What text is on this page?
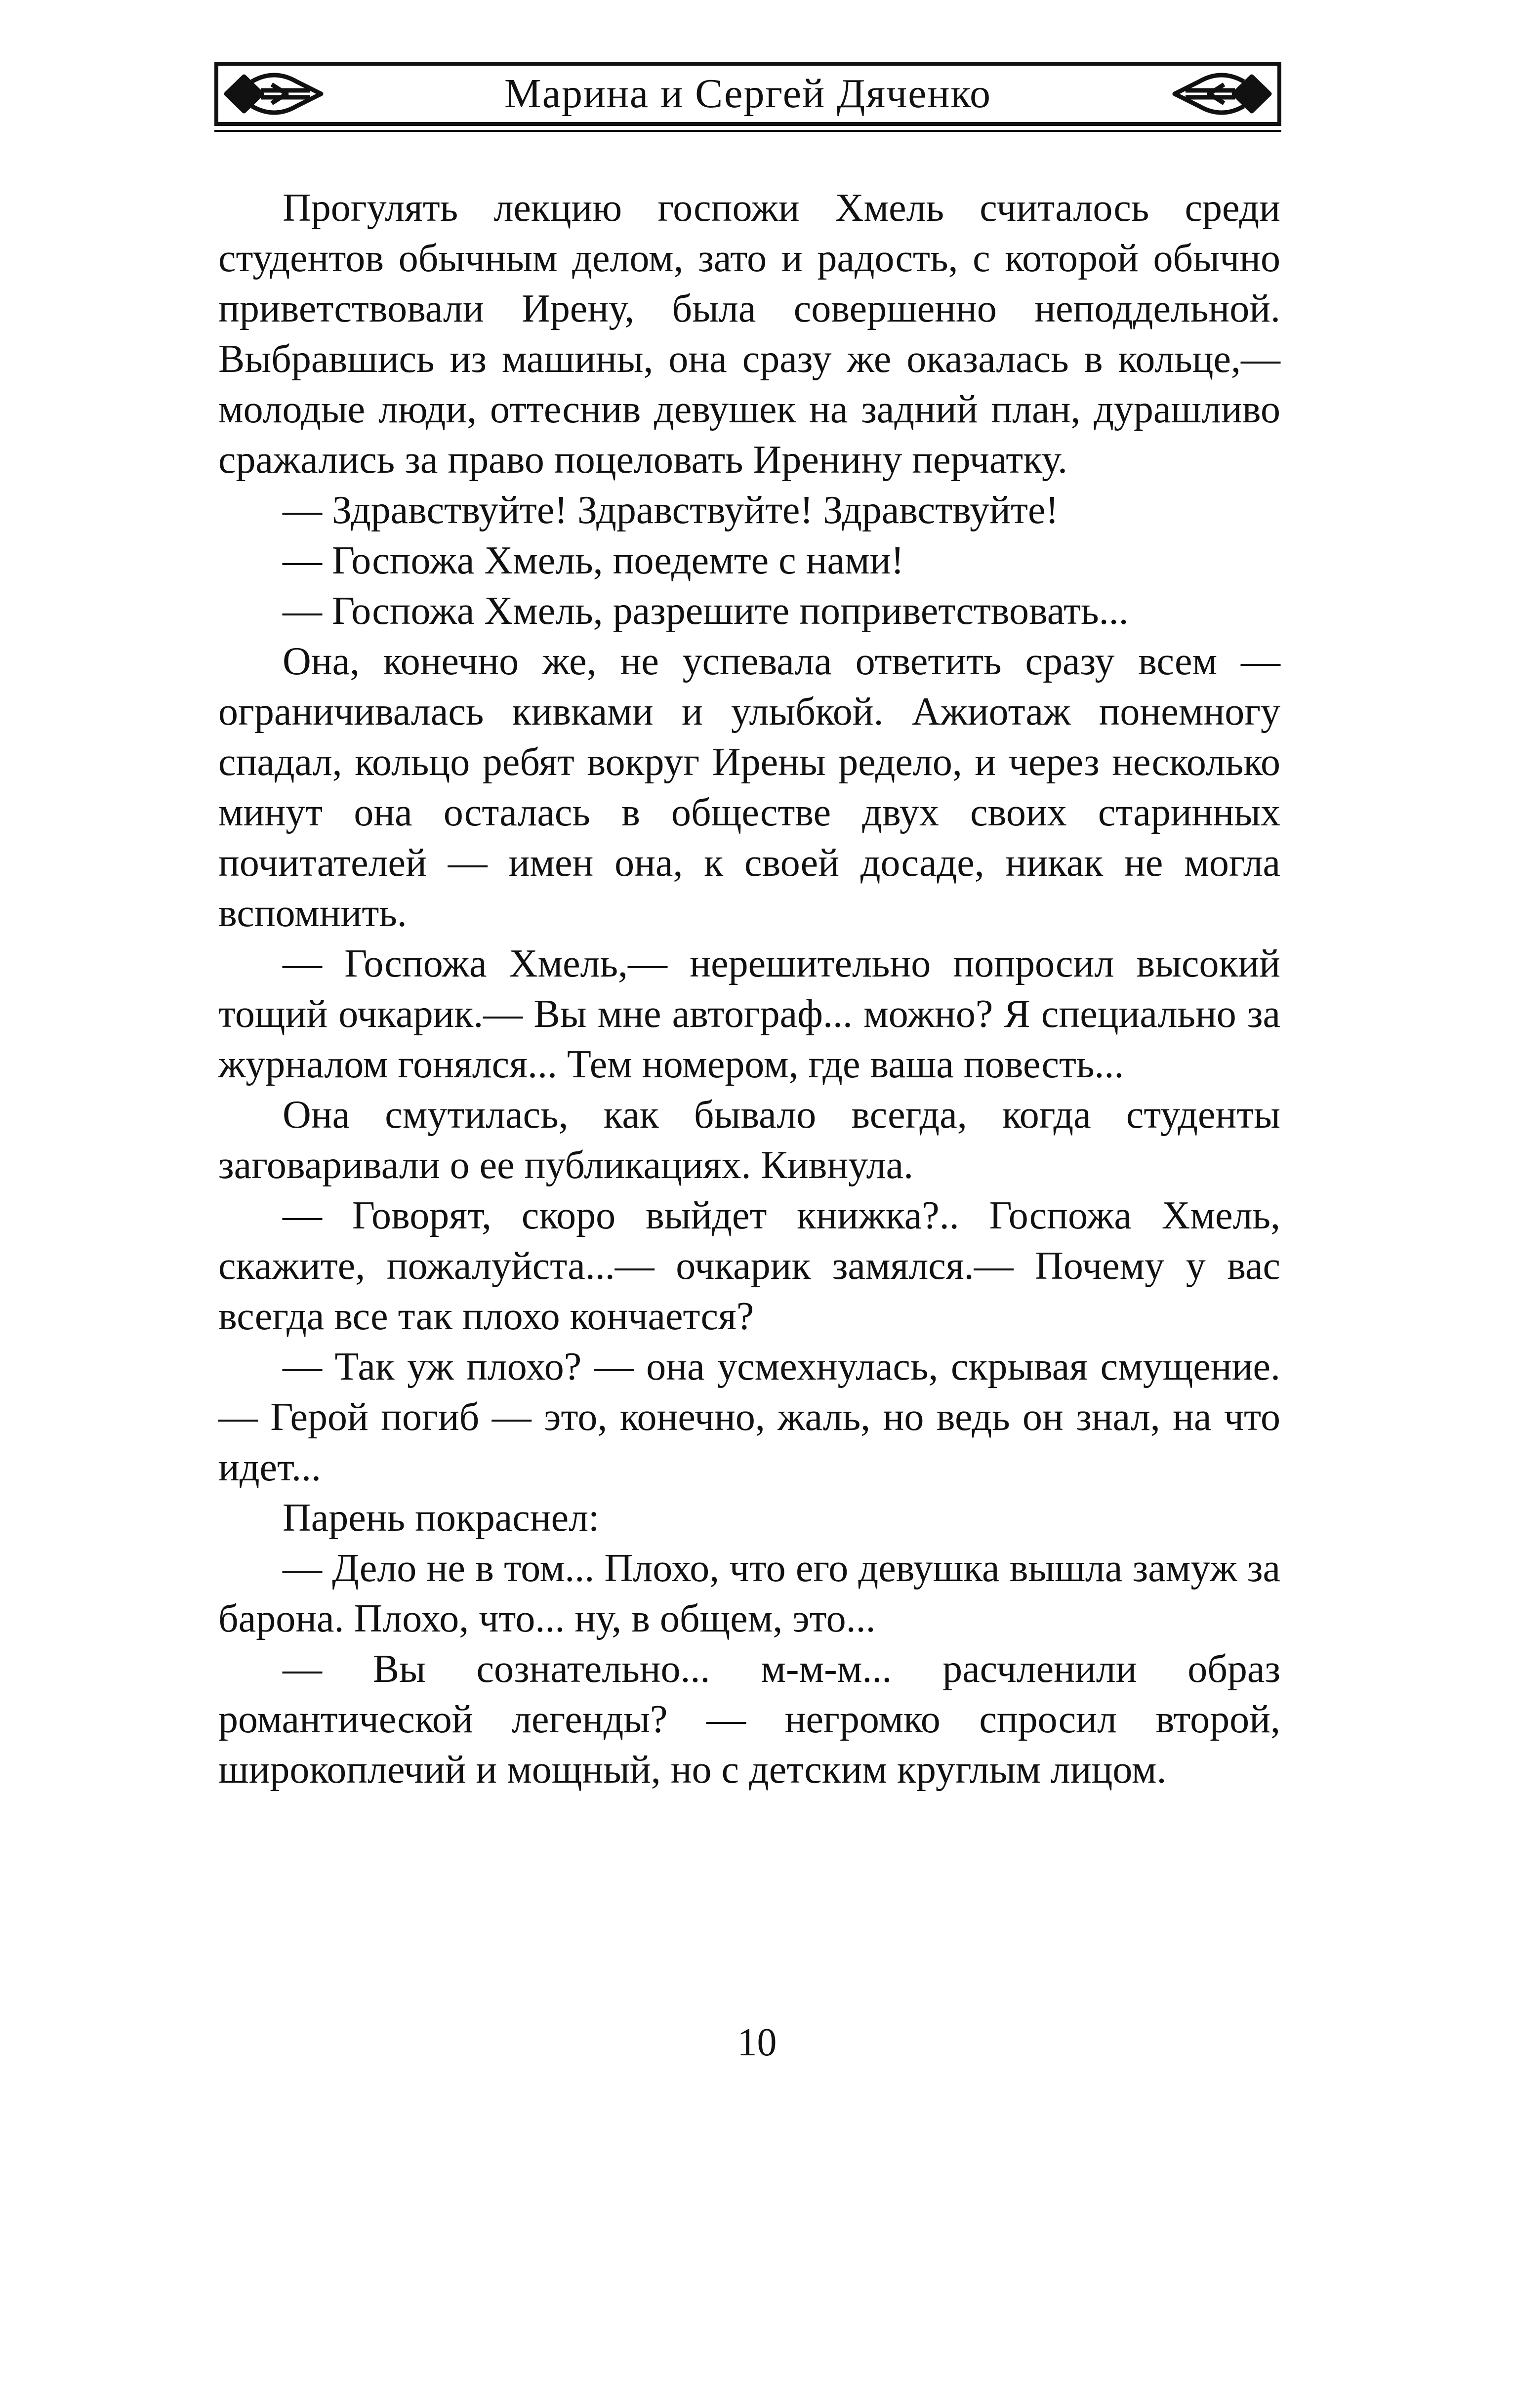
Марина и Сергей Дяченко

Прогулять лекцию госпожи Хмель считалось среди студентов обычным делом, зато и радость, с которой обычно приветствовали Ирену, была совершенно неподдельной. Выбравшись из машины, она сразу же оказалась в кольце,— молодые люди, оттеснив девушек на задний план, дурашливо сражались за право поцеловать Иренину перчатку.

— Здравствуйте! Здравствуйте! Здравствуйте!

— Госпожа Хмель, поедемте с нами!

— Госпожа Хмель, разрешите поприветствовать...

Она, конечно же, не успевала ответить сразу всем — ограничивалась кивками и улыбкой. Ажиотаж понемногу спадал, кольцо ребят вокруг Ирены редело, и через несколько минут она осталась в обществе двух своих старинных почитателей — имен она, к своей досаде, никак не могла вспомнить.

— Госпожа Хмель,— нерешительно попросил высокий тощий очкарик.— Вы мне автограф... можно? Я специально за журналом гонялся... Тем номером, где ваша повесть...

Она смутилась, как бывало всегда, когда студенты заговаривали о ее публикациях. Кивнула.

— Говорят, скоро выйдет книжка?.. Госпожа Хмель, скажите, пожалуйста...— очкарик замялся.— Почему у вас всегда все так плохо кончается?

— Так уж плохо? — она усмехнулась, скрывая смущение.— Герой погиб — это, конечно, жаль, но ведь он знал, на что идет...

Парень покраснел:

— Дело не в том... Плохо, что его девушка вышла замуж за барона. Плохо, что... ну, в общем, это...

— Вы сознательно... м-м-м... расчленили образ романтической легенды? — негромко спросил второй, широкоплечий и мощный, но с детским круглым лицом.

10
